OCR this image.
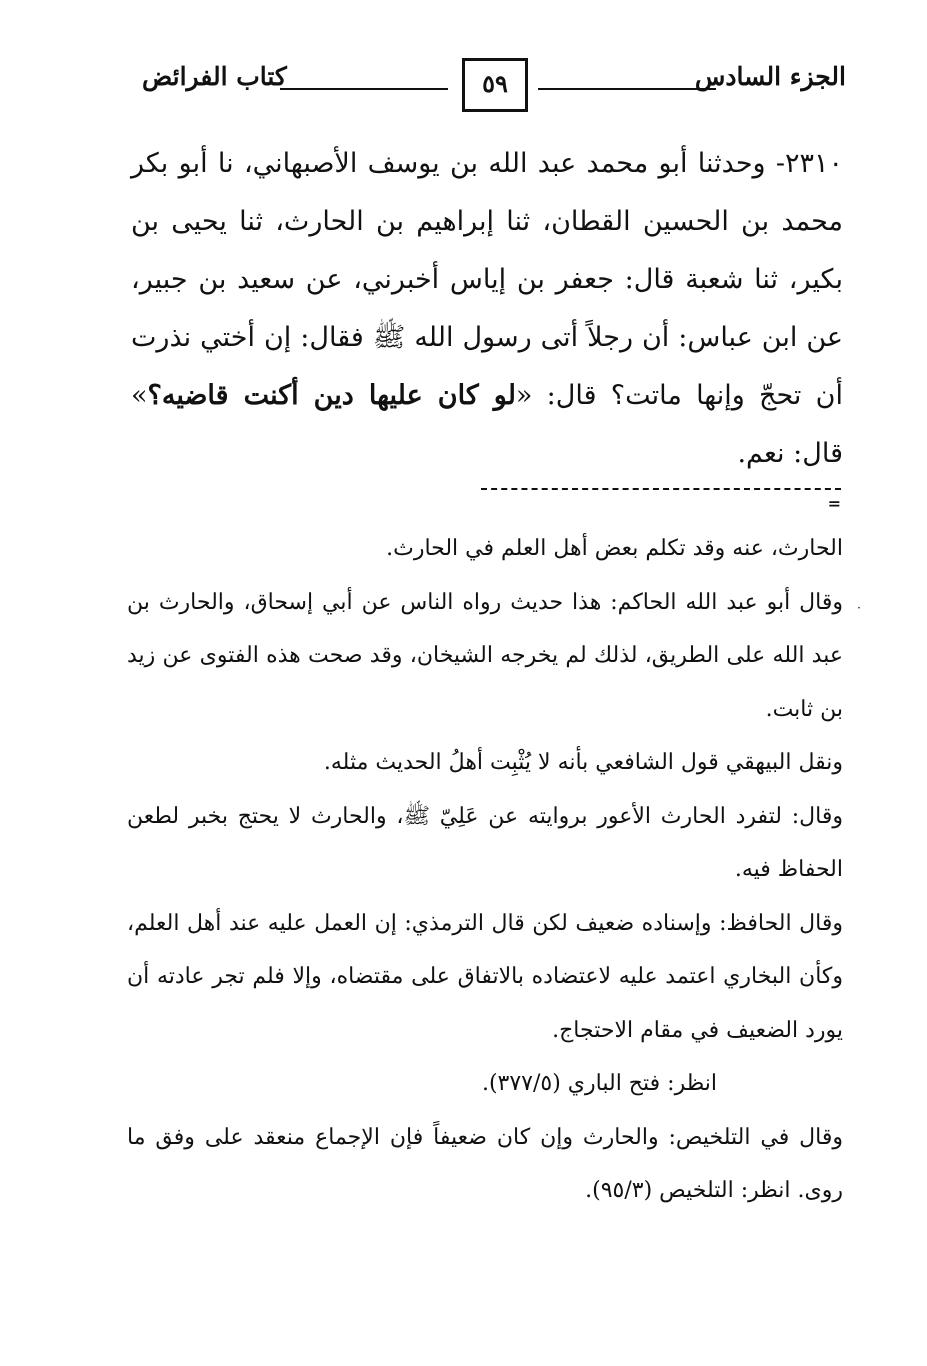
الجزء السادس
٥٩
كتاب الفرائض

٢٣١٠- وحدثنا أبو محمد عبد الله بن يوسف الأصبهاني، نا أبو بكر محمد بن الحسين القطان، ثنا إبراهيم بن الحارث، ثنا يحيى بن بكير، ثنا شعبة قال: جعفر بن إياس أخبرني، عن سعيد بن جبير، عن ابن عباس: أن رجلاً أتى رسول الله ﷺ فقال: إن أختي نذرت أن تحجّ وإنها ماتت؟ قال: «لو كان عليها دين أكنت قاضيه؟» قال: نعم.

=
·

الحارث، عنه وقد تكلم بعض أهل العلم في الحارث.

وقال أبو عبد الله الحاكم: هذا حديث رواه الناس عن أبي إسحاق، والحارث بن عبد الله على الطريق، لذلك لم يخرجه الشيخان، وقد صحت هذه الفتوى عن زيد بن ثابت.

ونقل البيهقي قول الشافعي بأنه لا يُثْبِت أهلُ الحديث مثله.

وقال: لتفرد الحارث الأعور بروايته عن عَلِيّ ﷺ، والحارث لا يحتج بخبر لطعن الحفاظ فيه.

وقال الحافظ: وإسناده ضعيف لكن قال الترمذي: إن العمل عليه عند أهل العلم، وكأن البخاري اعتمد عليه لاعتضاده بالاتفاق على مقتضاه، وإلا فلم تجر عادته أن يورد الضعيف في مقام الاحتجاج.

انظر: فتح الباري (٣٧٧/٥).

وقال في التلخيص: والحارث وإن كان ضعيفاً فإن الإجماع منعقد على وفق ما روى. انظر: التلخيص (٩٥/٣).
